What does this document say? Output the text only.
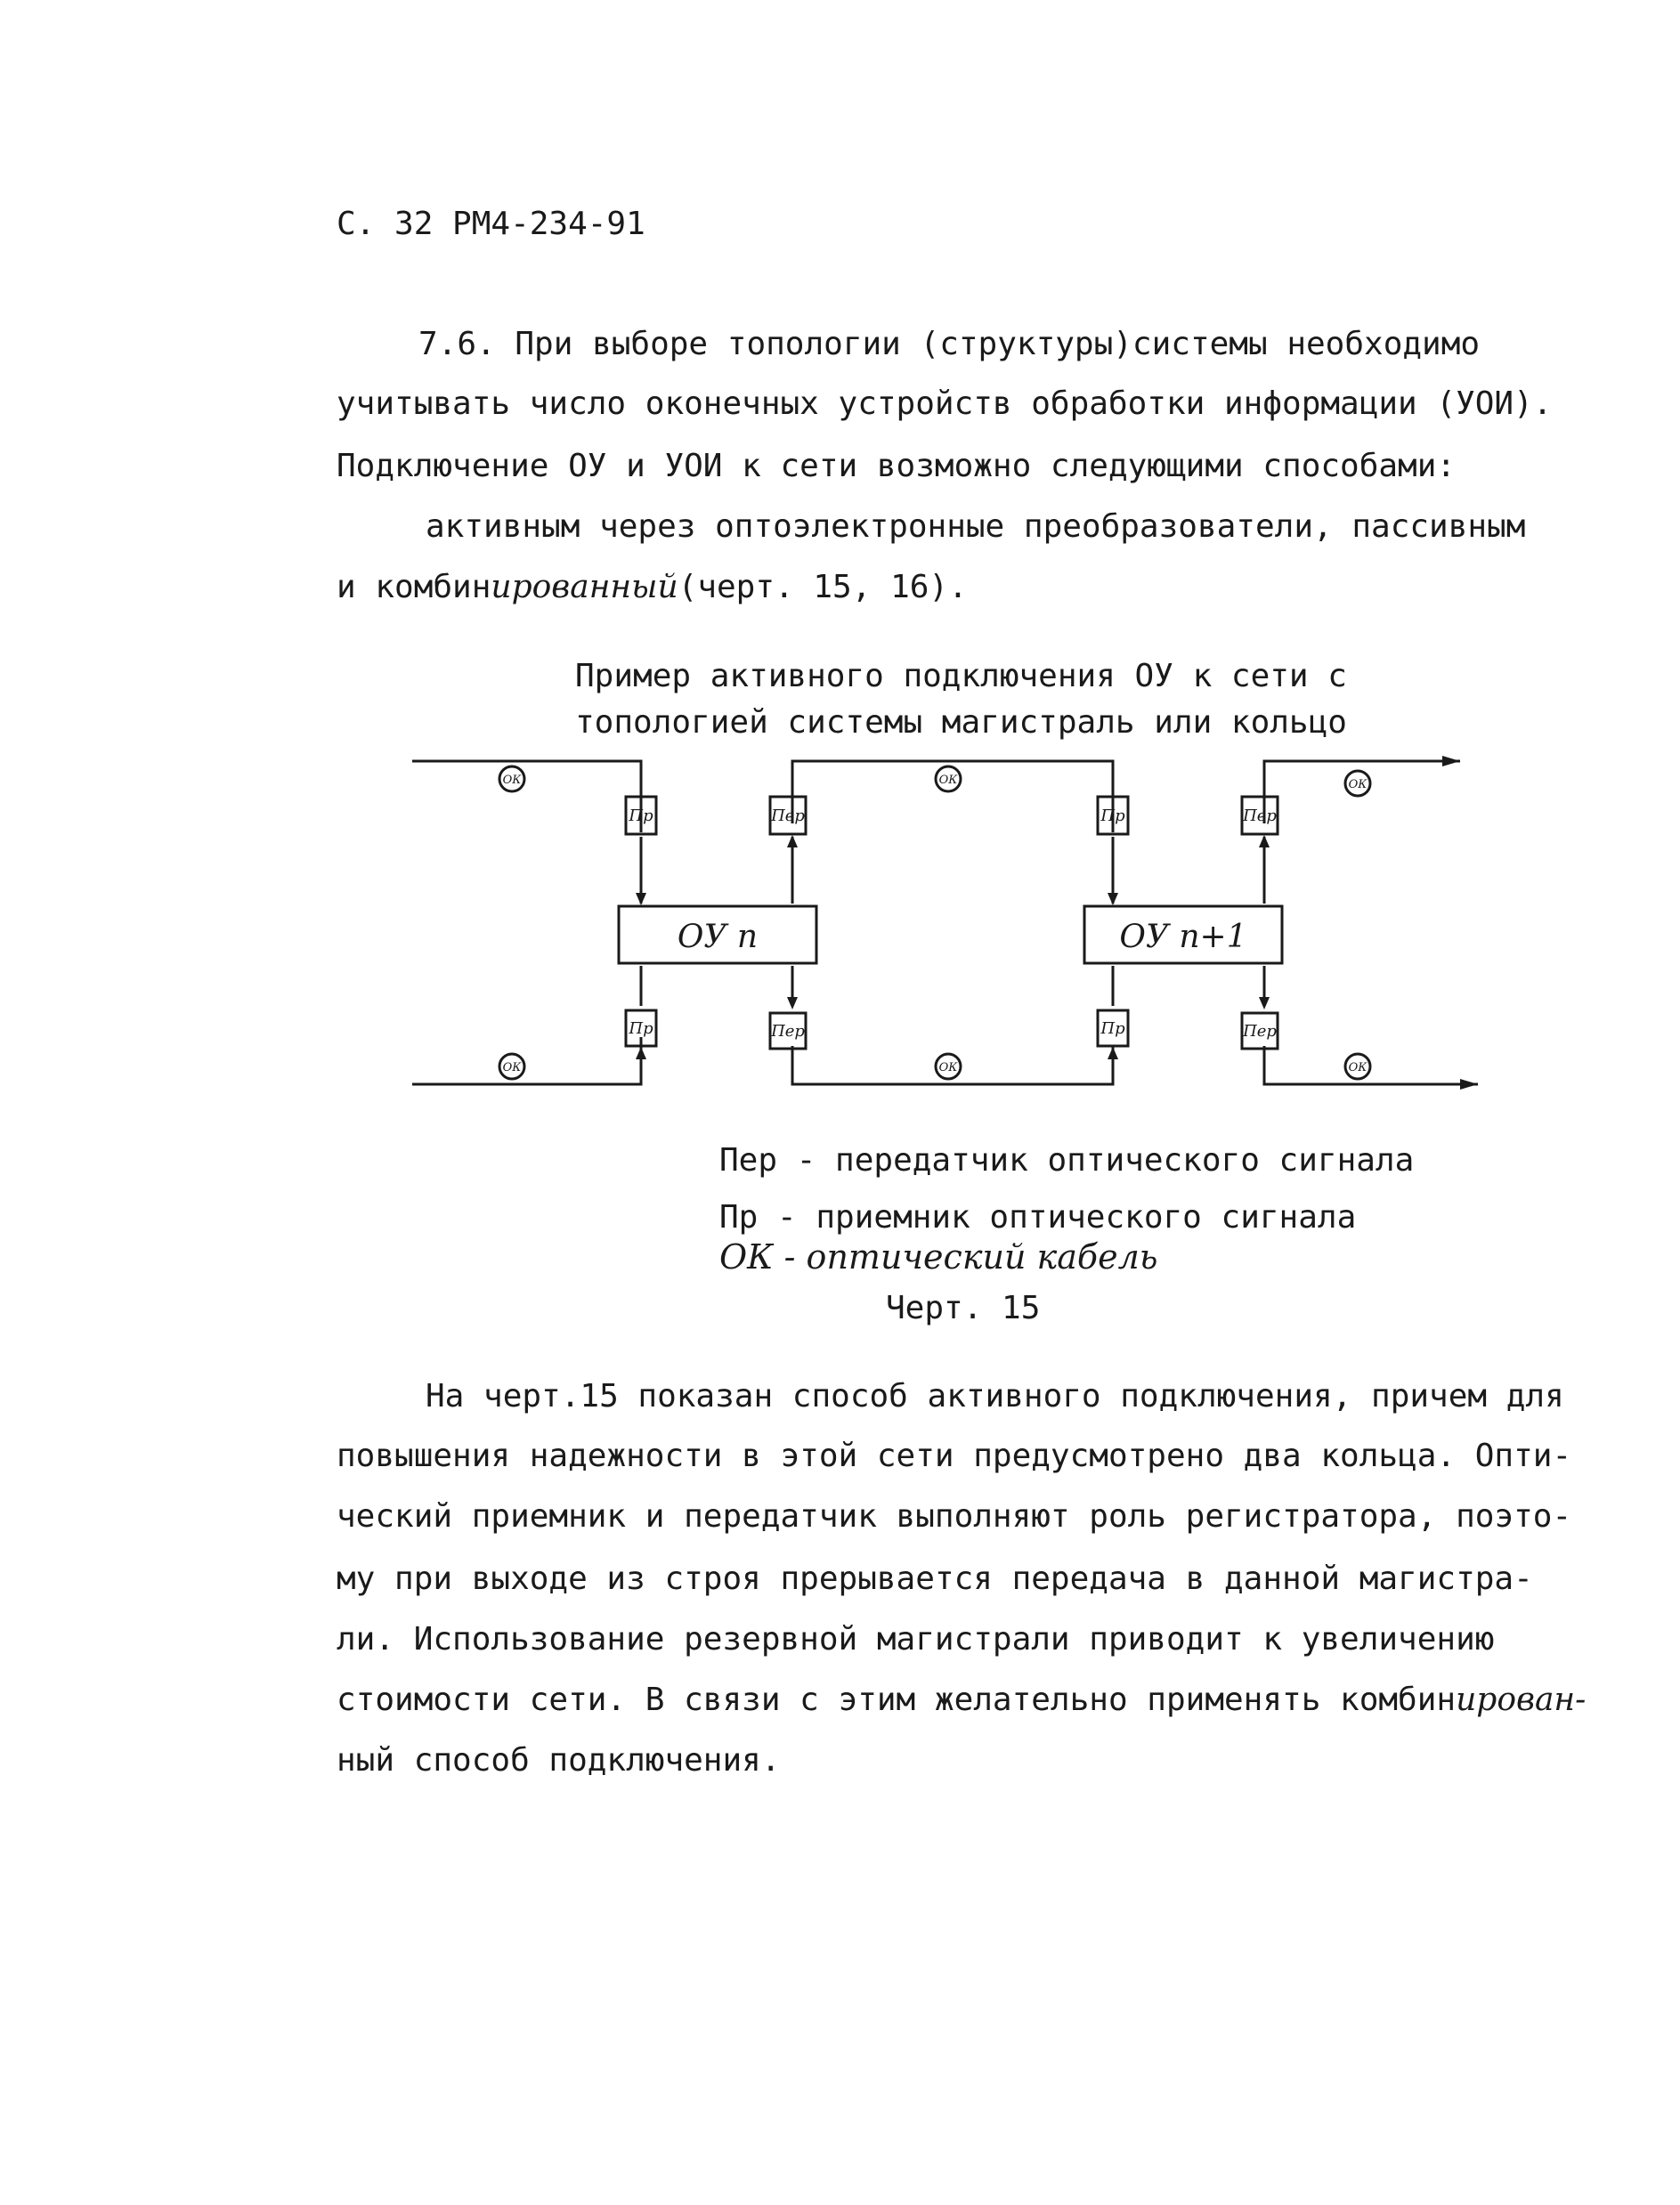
С. 32 РМ4-234-91
7.6. При выборе топологии (структуры)системы необходимо
учитывать число оконечных устройств обработки информации (УОИ).
Подключение ОУ и УОИ к сети возможно следующими способами:
активным через оптоэлектронные преобразователи, пассивным
и комбинированный(черт. 15, 16).
Пример активного подключения ОУ к сети с
топологией системы магистраль или кольцо
ОК	ОК	ОК
ОК	ОК	ОК
Пр	Пер	Пр	Пер
Пр	Пер	Пр	Пер
ОУ n	ОУ n+1
Пер - передатчик оптического сигнала
Пр - приемник оптического сигнала
ОК - оптический кабель
Черт. 15
На черт.15 показан способ активного подключения, причем для
повышения надежности в этой сети предусмотрено два кольца. Опти-
ческий приемник и передатчик выполняют роль регистратора, поэто-
му при выходе из строя прерывается передача в данной магистра-
ли. Использование резервной магистрали приводит к увеличению
стоимости сети. В связи с этим желательно применять комбинирован-
ный способ подключения.
